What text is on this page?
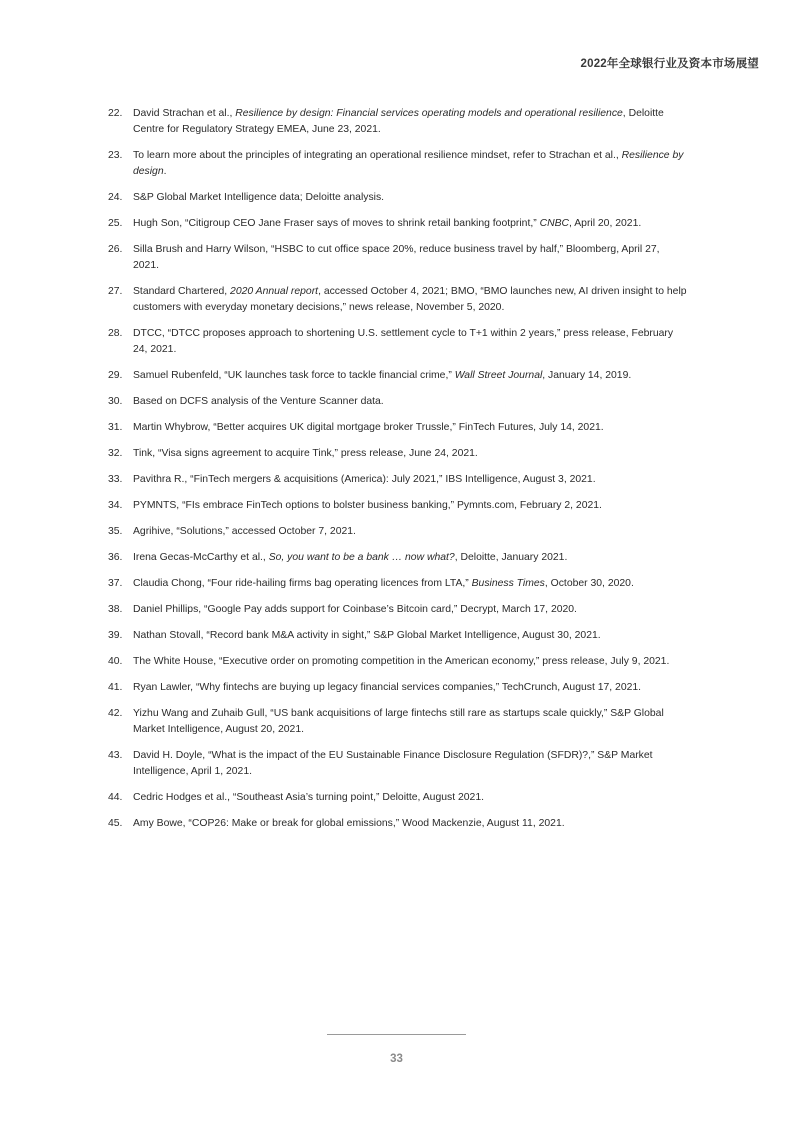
2022年全球银行业及资本市场展望
22.	David Strachan et al., Resilience by design: Financial services operating models and operational resilience, Deloitte Centre for Regulatory Strategy EMEA, June 23, 2021.
23.	To learn more about the principles of integrating an operational resilience mindset, refer to Strachan et al., Resilience by design.
24.	S&P Global Market Intelligence data; Deloitte analysis.
25.	Hugh Son, “Citigroup CEO Jane Fraser says of moves to shrink retail banking footprint,” CNBC, April 20, 2021.
26.	Silla Brush and Harry Wilson, “HSBC to cut office space 20%, reduce business travel by half,” Bloomberg, April 27, 2021.
27.	Standard Chartered, 2020 Annual report, accessed October 4, 2021; BMO, “BMO launches new, AI driven insight to help customers with everyday monetary decisions,” news release, November 5, 2020.
28.	DTCC, “DTCC proposes approach to shortening U.S. settlement cycle to T+1 within 2 years,” press release, February 24, 2021.
29.	Samuel Rubenfeld, “UK launches task force to tackle financial crime,” Wall Street Journal, January 14, 2019.
30.	Based on DCFS analysis of the Venture Scanner data.
31.	Martin Whybrow, “Better acquires UK digital mortgage broker Trussle,” FinTech Futures, July 14, 2021.
32.	Tink, “Visa signs agreement to acquire Tink,” press release, June 24, 2021.
33.	Pavithra R., “FinTech mergers & acquisitions (America): July 2021,” IBS Intelligence, August 3, 2021.
34.	PYMNTS, “FIs embrace FinTech options to bolster business banking,” Pymnts.com, February 2, 2021.
35.	Agrihive, “Solutions,” accessed October 7, 2021.
36.	Irena Gecas-McCarthy et al., So, you want to be a bank … now what?, Deloitte, January 2021.
37.	Claudia Chong, “Four ride-hailing firms bag operating licences from LTA,” Business Times, October 30, 2020.
38.	Daniel Phillips, “Google Pay adds support for Coinbase’s Bitcoin card,” Decrypt, March 17, 2020.
39.	Nathan Stovall, “Record bank M&A activity in sight,” S&P Global Market Intelligence, August 30, 2021.
40.	The White House, “Executive order on promoting competition in the American economy,” press release, July 9, 2021.
41.	Ryan Lawler, “Why fintechs are buying up legacy financial services companies,” TechCrunch, August 17, 2021.
42.	Yizhu Wang and Zuhaib Gull, “US bank acquisitions of large fintechs still rare as startups scale quickly,” S&P Global Market Intelligence, August 20, 2021.
43.	David H. Doyle, “What is the impact of the EU Sustainable Finance Disclosure Regulation (SFDR)?,” S&P Market Intelligence, April 1, 2021.
44.	Cedric Hodges et al., “Southeast Asia’s turning point,” Deloitte, August 2021.
45.	Amy Bowe, “COP26: Make or break for global emissions,” Wood Mackenzie, August 11, 2021.
33
